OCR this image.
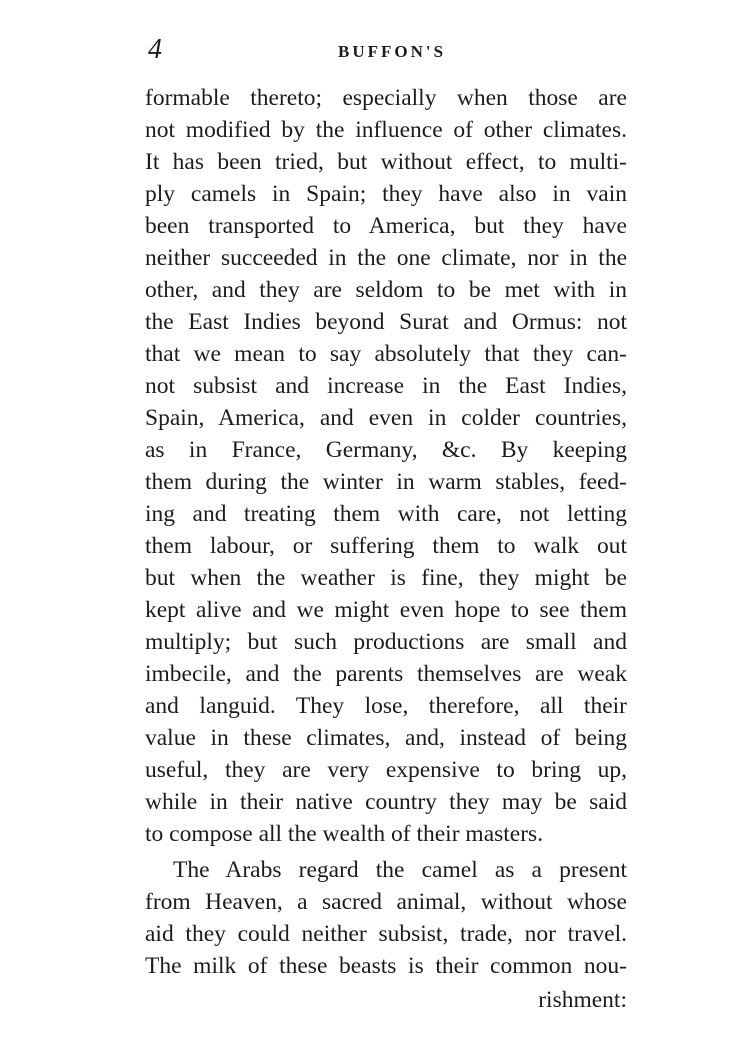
4	BUFFON'S
formable thereto; especially when those are
not modified by the influence of other climates.
It has been tried, but without effect, to multi-
ply camels in Spain; they have also in vain
been transported to America, but they have
neither succeeded in the one climate, nor in the
other, and they are seldom to be met with in
the East Indies beyond Surat and Ormus: not
that we mean to say absolutely that they can-
not subsist and increase in the East Indies,
Spain, America, and even in colder countries,
as in France, Germany, &c. By keeping
them during the winter in warm stables, feed-
ing and treating them with care, not letting
them labour, or suffering them to walk out
but when the weather is fine, they might be
kept alive and we might even hope to see them
multiply; but such productions are small and
imbecile, and the parents themselves are weak
and languid. They lose, therefore, all their
value in these climates, and, instead of being
useful, they are very expensive to bring up,
while in their native country they may be said
to compose all the wealth of their masters.
The Arabs regard the camel as a present
from Heaven, a sacred animal, without whose
aid they could neither subsist, trade, nor travel.
The milk of these beasts is their common nou-
rishment:
